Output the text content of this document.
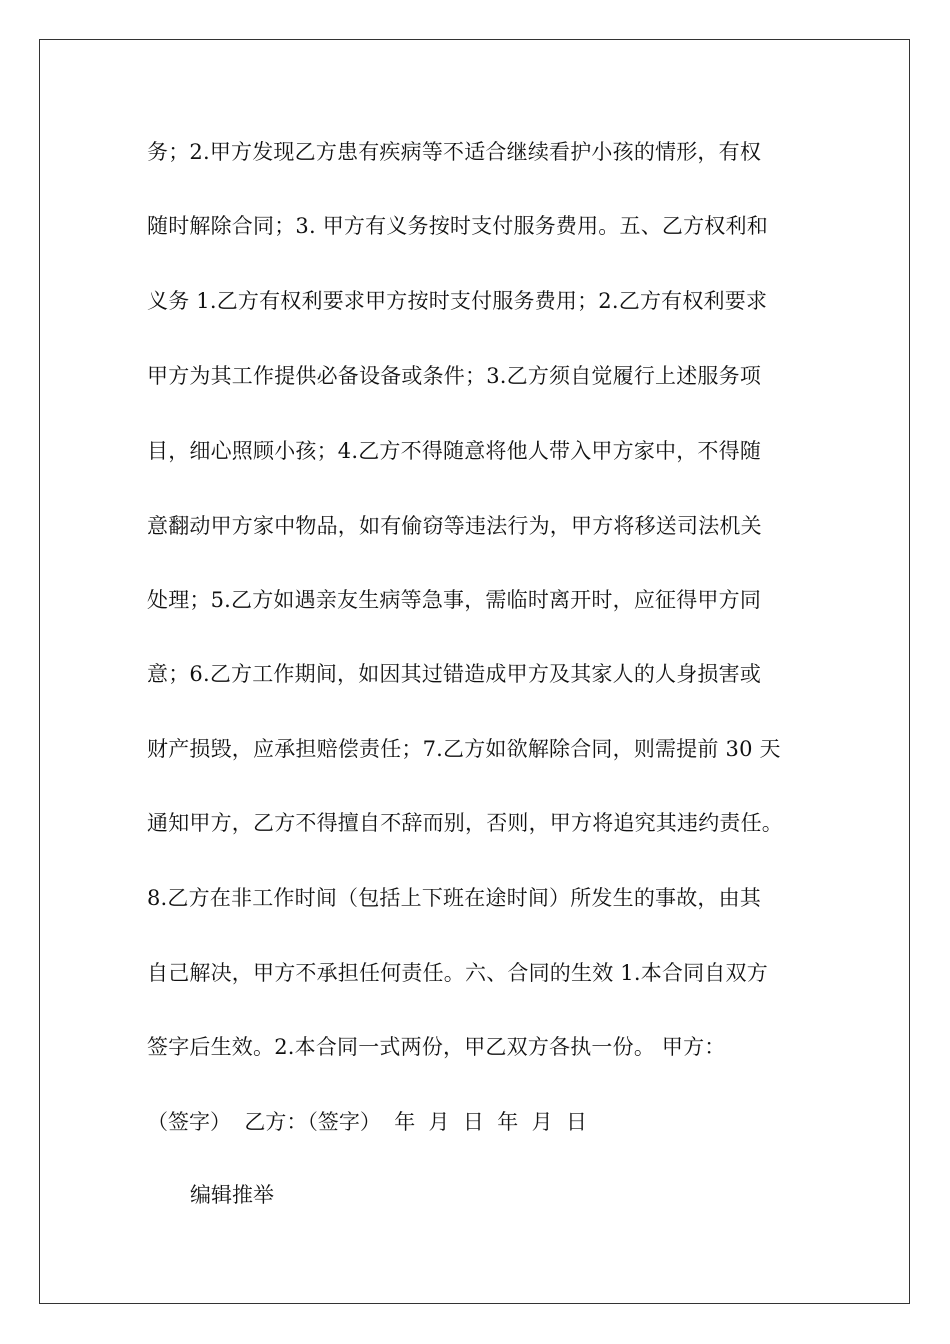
务；2.甲方发现乙方患有疾病等不适合继续看护小孩的情形，有权
随时解除合同；3. 甲方有义务按时支付服务费用。五、乙方权利和
义务 1.乙方有权利要求甲方按时支付服务费用；2.乙方有权利要求
甲方为其工作提供必备设备或条件；3.乙方须自觉履行上述服务项
目，细心照顾小孩；4.乙方不得随意将他人带入甲方家中，不得随
意翻动甲方家中物品，如有偷窃等违法行为，甲方将移送司法机关
处理；5.乙方如遇亲友生病等急事，需临时离开时，应征得甲方同
意；6.乙方工作期间，如因其过错造成甲方及其家人的人身损害或
财产损毁，应承担赔偿责任；7.乙方如欲解除合同，则需提前 30 天
通知甲方，乙方不得擅自不辞而别，否则，甲方将追究其违约责任。
8.乙方在非工作时间（包括上下班在途时间）所发生的事故，由其
自己解决，甲方不承担任何责任。六、合同的生效 1.本合同自双方
签字后生效。2.本合同一式两份，甲乙双方各执一份。 甲方：
（签字）  乙方：（签字）  年  月  日  年  月  日
编辑推举
